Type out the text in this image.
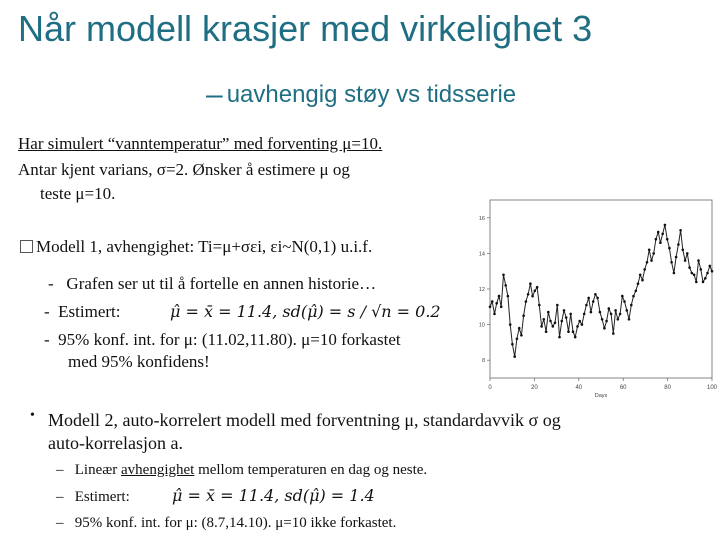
Når modell krasjer med virkelighet 3
– uavhengig støy vs tidsserie
Har simulert “vanntemperatur” med forventing μ=10.
Antar kjent varians, σ=2. Ønsker å estimere μ og
teste μ=10.
Modell 1, avhengighet: Ti=μ+σεi, εi~N(0,1) u.i.f.
-   Grafen ser ut til å fortelle en annen historie…
-  Estimert:	μ̂ = x̄ = 11.4, sd(μ̂) = s / √n = 0.2
-  95% konf. int. for μ: (11.02,11.80). μ=10 forkastet
med 95% konfidens!
0	20	40	60	80	100
8
10
12
14
16
Days
• Modell 2, auto-korrelert modell med forventning μ, standardavvik σ og
auto-korrelasjon a.
–   Lineær avhengighet mellom temperaturen en dag og neste.
–   Estimert:	μ̂ = x̄ = 11.4, sd(μ̂) = 1.4
–   95% konf. int. for μ: (8.7,14.10). μ=10 ikke forkastet.
